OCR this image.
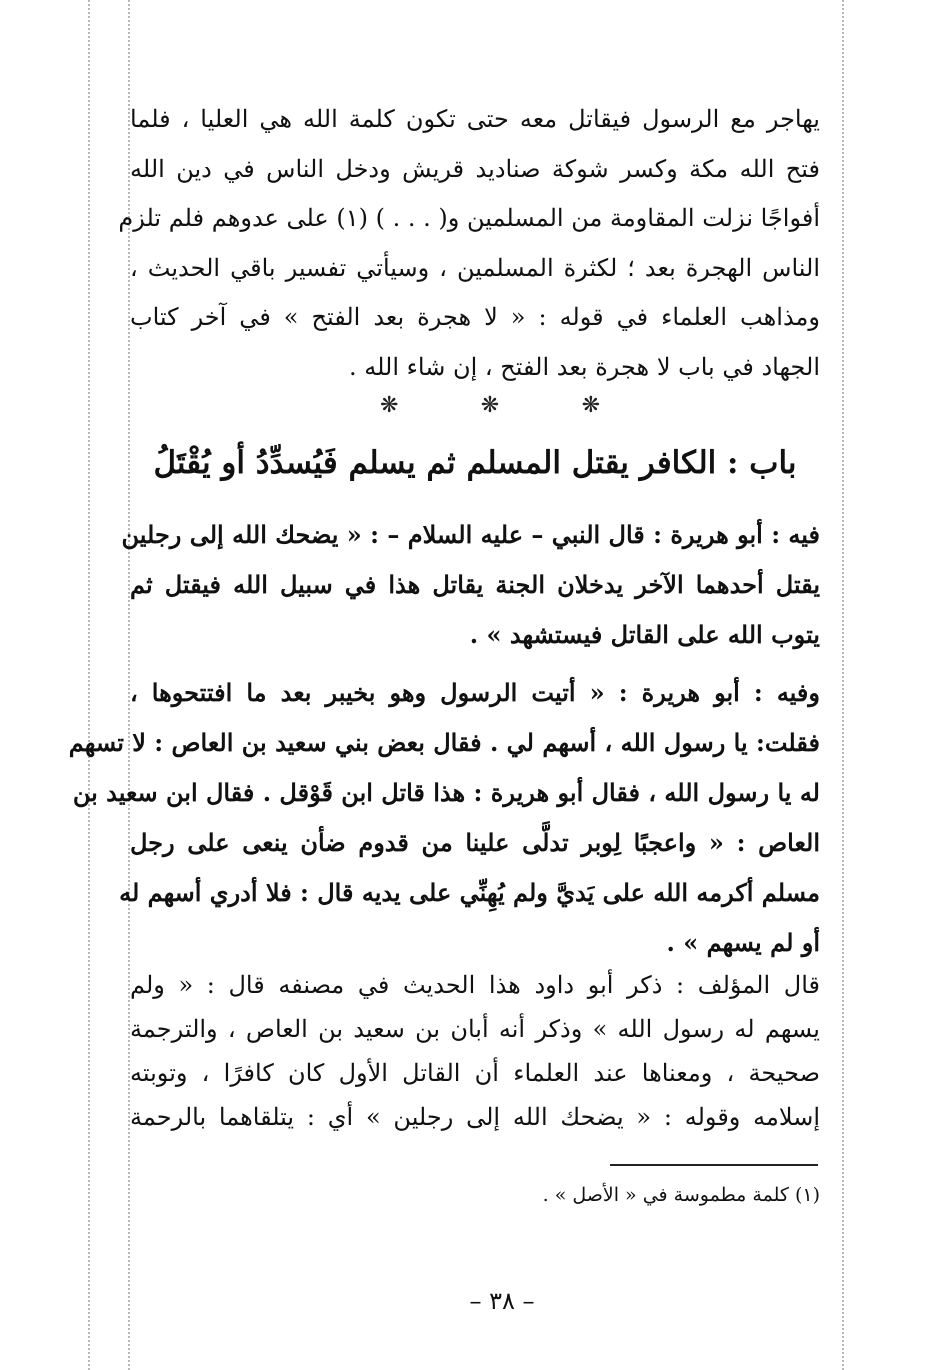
يهاجر مع الرسول فيقاتل معه حتى تكون كلمة الله هي العليا ، فلما
فتح الله مكة وكسر شوكة صناديد قريش ودخل الناس في دين الله
أفواجًا نزلت المقاومة من المسلمين و( . . . ) (١) على عدوهم فلم تلزم
الناس الهجرة بعد ؛ لكثرة المسلمين ، وسيأتي تفسير باقي الحديث ،
ومذاهب العلماء في قوله : « لا هجرة بعد الفتح » في آخر كتاب
الجهاد في باب لا هجرة بعد الفتح ، إن شاء الله .
❋	❋	❋
باب : الكافر يقتل المسلم ثم يسلم فَيُسدِّدُ أو يُقْتَلُ
فيه : أبو هريرة : قال النبي – عليه السلام – : « يضحك الله إلى رجلين
يقتل أحدهما الآخر يدخلان الجنة يقاتل هذا في سبيل الله فيقتل ثم
يتوب الله على القاتل فيستشهد » .
وفيه : أبو هريرة : « أتيت الرسول وهو بخيبر بعد ما افتتحوها ،
فقلت: يا رسول الله ، أسهم لي . فقال بعض بني سعيد بن العاص : لا تسهم
له يا رسول الله ، فقال أبو هريرة : هذا قاتل ابن قَوْقل . فقال ابن سعيد بن
العاص : « واعجبًا لِوبر تدلَّى علينا من قدوم ضأن ينعى على رجل
مسلم أكرمه الله على يَديَّ ولم يُهِنِّي على يديه قال : فلا أدري أسهم له
أو لم يسهم » .
قال المؤلف : ذكر أبو داود هذا الحديث في مصنفه قال : « ولم
يسهم له رسول الله » وذكر أنه أبان بن سعيد بن العاص ، والترجمة
صحيحة ، ومعناها عند العلماء أن القاتل الأول كان كافرًا ، وتوبته
إسلامه وقوله : « يضحك الله إلى رجلين » أي : يتلقاهما بالرحمة
(١) كلمة مطموسة في « الأصل » .
– ٣٨ –
